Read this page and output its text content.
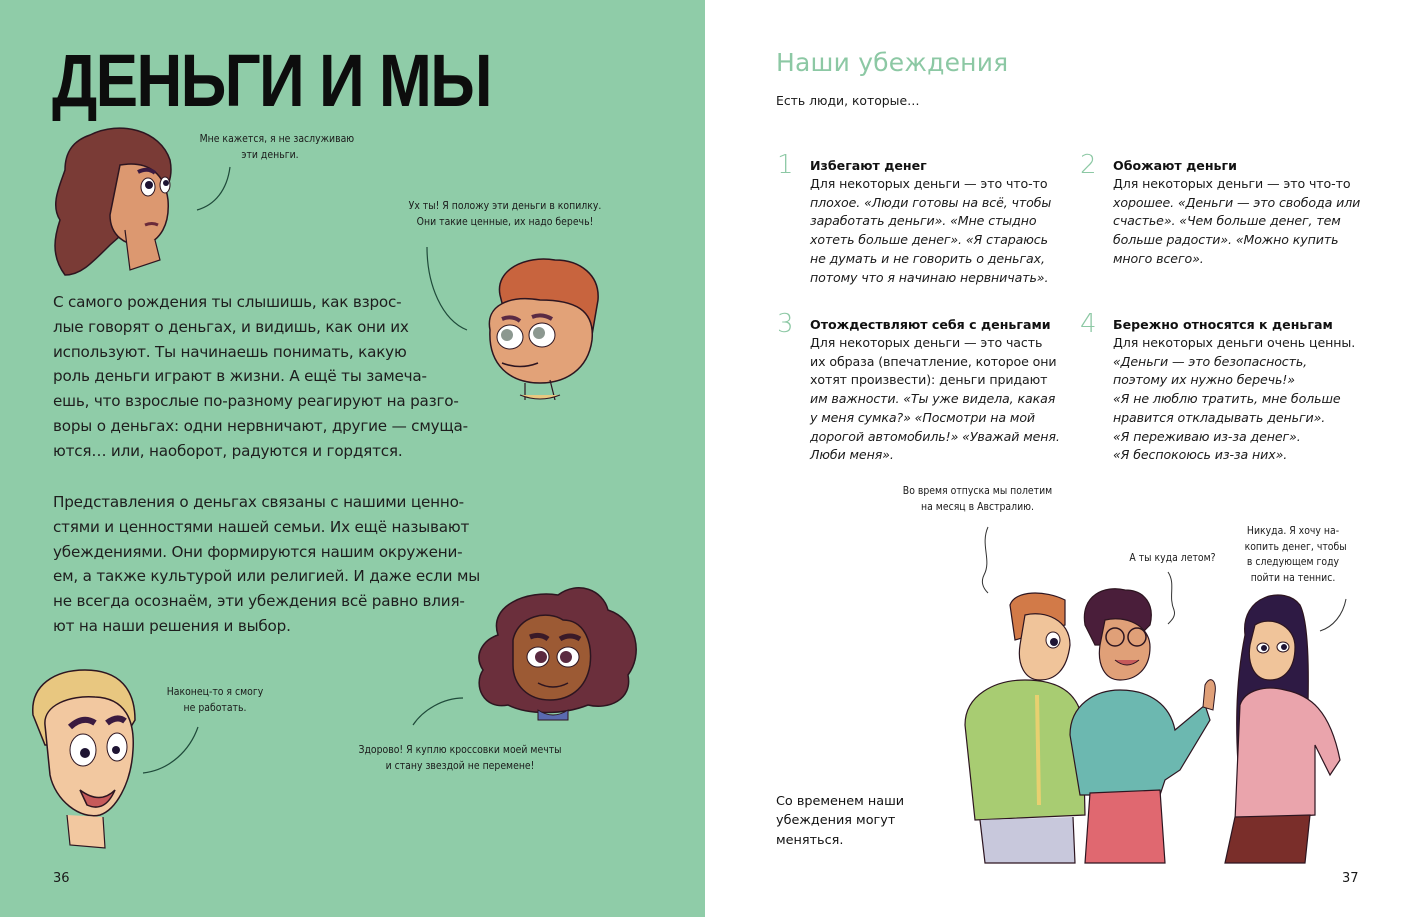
ДЕНЬГИ И МЫ
Мне кажется, я не заслуживаю
эти деньги.
Ух ты! Я положу эти деньги в копилку.
Они такие ценные, их надо беречь!
С самого рождения ты слышишь, как взрос-
лые говорят о деньгах, и видишь, как они их
используют. Ты начинаешь понимать, какую
роль деньги играют в жизни. А ещё ты замеча-
ешь, что взрослые по-разному реагируют на разго-
воры о деньгах: одни нервничают, другие — смуща-
ются… или, наоборот, радуются и гордятся.
Представления о деньгах связаны с нашими ценно-
стями и ценностями нашей семьи. Их ещё называют
убеждениями. Они формируются нашим окружени-
ем, а также культурой или религией. И даже если мы
не всегда осознаём, эти убеждения всё равно влия-
ют на наши решения и выбор.
Здорово! Я куплю кроссовки моей мечты
и стану звездой не перемене!
Наконец-то я смогу
не работать.
36
Наши убеждения
Есть люди, которые…
1 Избегают денег
Для некоторых деньги — это что-то
плохое. «Люди готовы на всё, чтобы
заработать деньги». «Мне стыдно
хотеть больше денег». «Я стараюсь
не думать и не говорить о деньгах,
потому что я начинаю нервничать».
2 Обожают деньги
Для некоторых деньги — это что-то
хорошее. «Деньги — это свобода или
счастье». «Чем больше денег, тем
больше радости». «Можно купить
много всего».
3 Отождествляют себя с деньгами
Для некоторых деньги — это часть
их образа (впечатление, которое они
хотят произвести): деньги придают
им важности. «Ты уже видела, какая
у меня сумка?» «Посмотри на мой
дорогой автомобиль!» «Уважай меня.
Люби меня».
4 Бережно относятся к деньгам
Для некоторых деньги очень ценны.
«Деньги — это безопасность,
поэтому их нужно беречь!»
«Я не люблю тратить, мне больше
нравится откладывать деньги».
«Я переживаю из-за денег».
«Я беспокоюсь из-за них».
Во время отпуска мы полетим
на месяц в Австралию.
А ты куда летом?
Никуда. Я хочу на-
копить денег, чтобы
в следующем году
пойти на теннис.
Со временем наши
убеждения могут
меняться.
37
